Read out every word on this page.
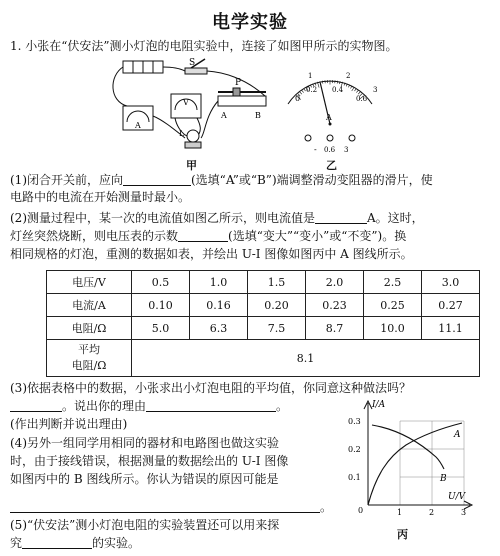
电学实验
1. 小张在“伏安法”测小灯泡的电阻实验中，连接了如图甲所示的实物图。
S
P
A	B
A
V
L
甲
0
0.2 0.4
0.6
1	2
3
A
- 0.6 3
乙
(1)闭合开关前，应向	(选填“A”或“B”)端调整滑动变阻器的滑片，使
电路中的电流在开始测量时最小。
(2)测量过程中，某一次的电流值如图乙所示，则电流值是	A。这时，
灯丝突然烧断，则电压表的示数	(选填“变大”“变小”或“不变”)。换
相同规格的灯泡，重测的数据如表，并绘出 U-I 图像如图丙中 A 图线所示。
电压/V	0.5	1.0	1.5	2.0	2.5	3.0
电流/A	0.10	0.16	0.20	0.23	0.25	0.27
电阻/Ω	5.0	6.3	7.5	8.7	10.0	11.1

平均
电阻/Ω	8.1					
(3)依据表格中的数据，小张求出小灯泡电阻的平均值，你同意这种做法吗？
。说出你的理由	。
(作出判断并说出理由)
(4)另外一组同学用相同的器材和电路图也做这实验
时，由于接线错误，根据测量的数据绘出的 U-I 图像
如图丙中的 B 图线所示。你认为错误的原因可能是
。
(5)“伏安法”测小灯泡电阻的实验装置还可以用来探
究	的实验。
I/A
U/V
0.3
0.2
0.1
0	1	2	3
A
B
丙
